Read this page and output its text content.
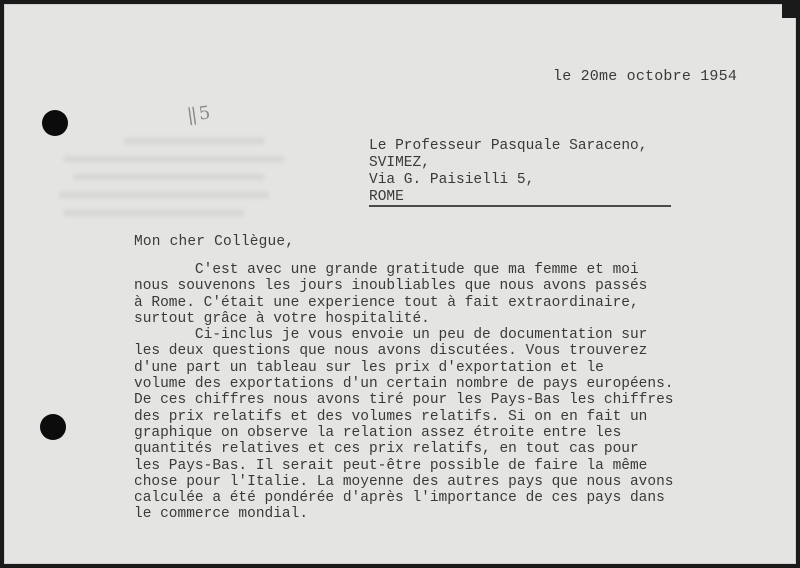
|| 5
le 20me octobre 1954
Le Professeur Pasquale Saraceno,
SVIMEZ,
Via G. Paisielli 5,
ROME
Mon cher Collègue,
C'est avec une grande gratitude que ma femme et moi
nous souvenons les jours inoubliables que nous avons passés
à Rome. C'était une experience tout à fait extraordinaire,
surtout grâce à votre hospitalité.
Ci-inclus je vous envoie un peu de documentation sur
les deux questions que nous avons discutées. Vous trouverez
d'une part un tableau sur les prix d'exportation et le
volume des exportations d'un certain nombre de pays européens.
De ces chiffres nous avons tiré pour les Pays-Bas les chiffres
des prix relatifs et des volumes relatifs. Si on en fait un
graphique on observe la relation assez étroite entre les
quantités relatives et ces prix relatifs, en tout cas pour
les Pays-Bas. Il serait peut-être possible de faire la même
chose pour l'Italie. La moyenne des autres pays que nous avons
calculée a été pondérée d'après l'importance de ces pays dans
le commerce mondial.
